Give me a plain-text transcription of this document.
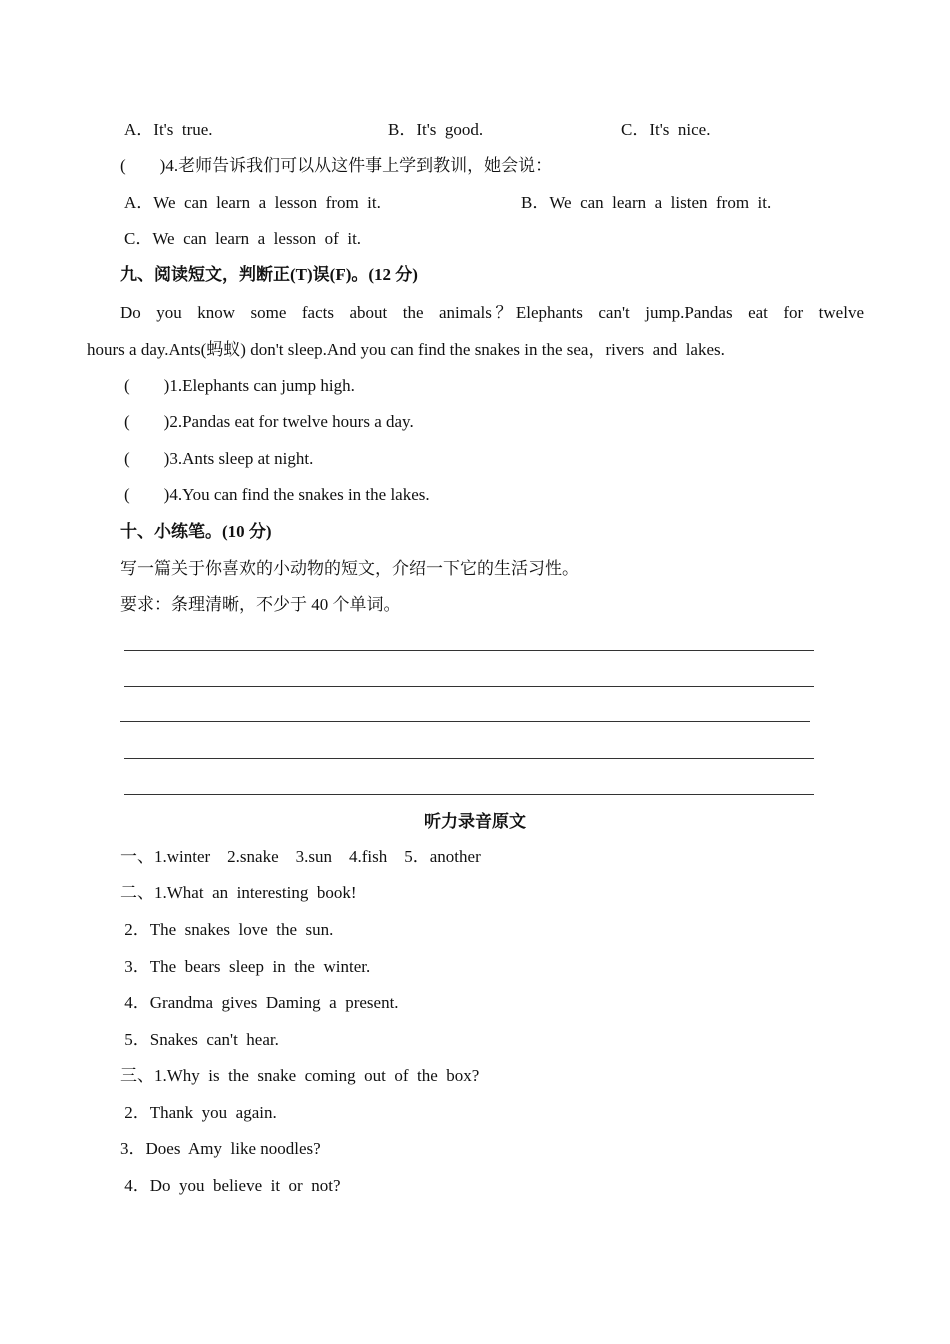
A．It's  true.	B．It's  good.	C．It's  nice.
(　　)4.老师告诉我们可以从这件事上学到教训，她会说：
A．We  can  learn  a  lesson  from  it.	B．We  can  learn  a  listen  from  it.
C．We  can  learn  a  lesson  of  it.
九、阅读短文，判断正(T)误(F)。(12 分)
Do  you  know  some  facts  about  the  animals？Elephants  can't  jump.Pandas  eat  for  twelve
hours a day.Ants(蚂蚁) don't sleep.And you can find the snakes in the sea，rivers  and  lakes.
(　　)1.Elephants can jump high.
(　　)2.Pandas eat for twelve hours a day.
(　　)3.Ants sleep at night.
(　　)4.You can find the snakes in the lakes.
十、小练笔。(10 分)
写一篇关于你喜欢的小动物的短文，介绍一下它的生活习性。
要求：条理清晰，不少于 40 个单词。
听力录音原文
一、1.winter　2.snake　3.sun　4.fish　5．another
二、1.What  an  interesting  book!
2．The  snakes  love  the  sun.
3．The  bears  sleep  in  the  winter.
4．Grandma  gives  Daming  a  present.
5．Snakes  can't  hear.
三、1.Why  is  the  snake  coming  out  of  the  box?
2．Thank  you  again.
3．Does  Amy  like noodles?
4．Do  you  believe  it  or  not?
